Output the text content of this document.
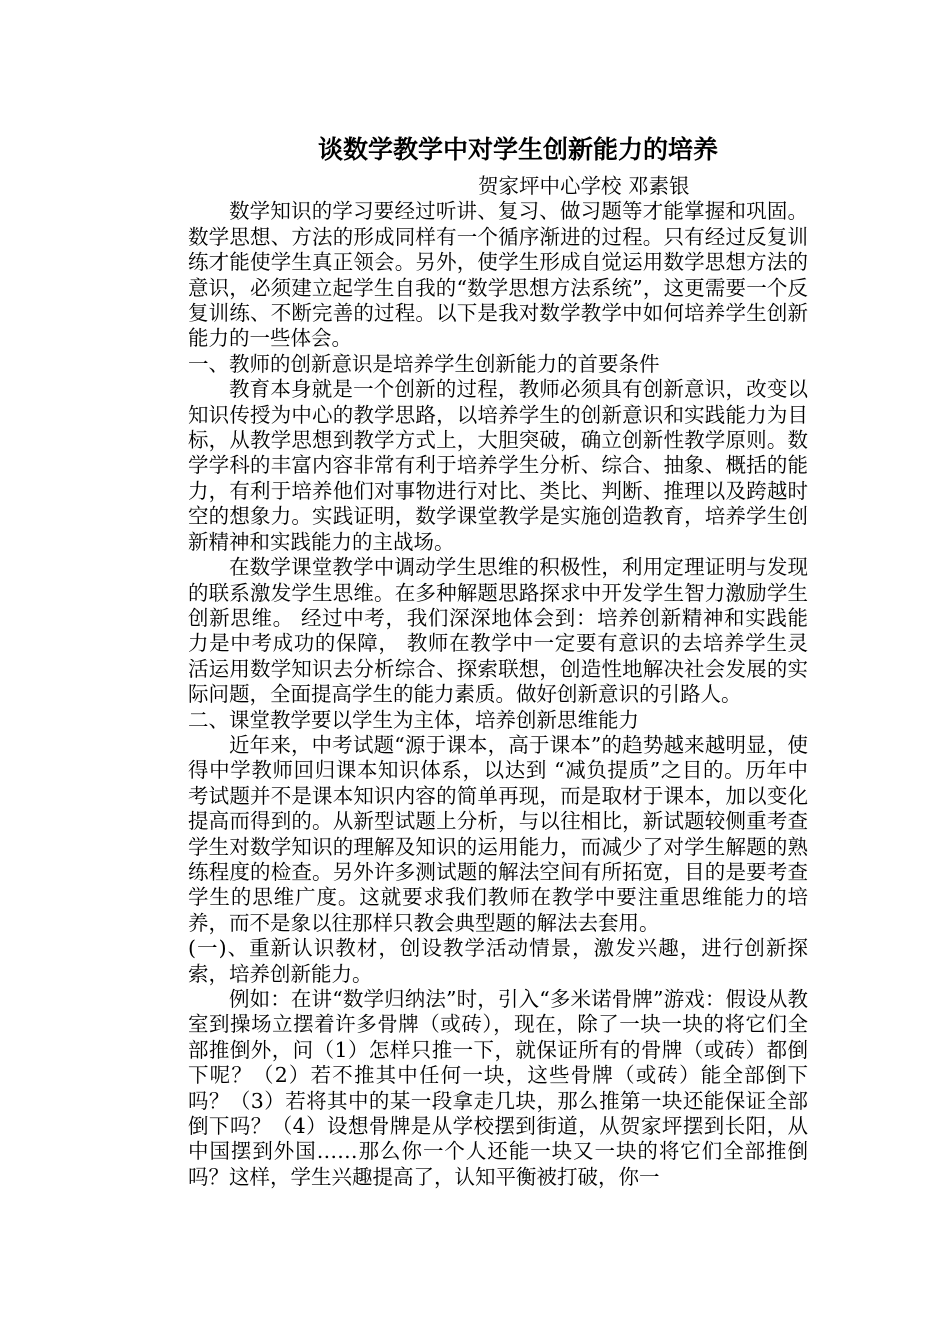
谈数学教学中对学生创新能力的培养

贺家坪中心学校 邓素银

数学知识的学习要经过听讲、复习、做习题等才能掌握和巩固。数学思想、方法的形成同样有一个循序渐进的过程。只有经过反复训练才能使学生真正领会。另外，使学生形成自觉运用数学思想方法的意识，必须建立起学生自我的“数学思想方法系统”，这更需要一个反复训练、不断完善的过程。以下是我对数学教学中如何培养学生创新能力的一些体会。

一、教师的创新意识是培养学生创新能力的首要条件

教育本身就是一个创新的过程，教师必须具有创新意识，改变以知识传授为中心的教学思路，以培养学生的创新意识和实践能力为目标，从教学思想到教学方式上，大胆突破，确立创新性教学原则。数学学科的丰富内容非常有利于培养学生分析、综合、抽象、概括的能力，有利于培养他们对事物进行对比、类比、判断、推理以及跨越时空的想象力。实践证明，数学课堂教学是实施创造教育，培养学生创新精神和实践能力的主战场。

在数学课堂教学中调动学生思维的积极性，利用定理证明与发现的联系激发学生思维。在多种解题思路探求中开发学生智力激励学生创新思维。 经过中考，我们深深地体会到：培养创新精神和实践能力是中考成功的保障， 教师在教学中一定要有意识的去培养学生灵活运用数学知识去分析综合、探索联想，创造性地解决社会发展的实际问题，全面提高学生的能力素质。做好创新意识的引路人。

二、课堂教学要以学生为主体，培养创新思维能力

近年来，中考试题“源于课本，高于课本”的趋势越来越明显，使得中学教师回归课本知识体系，以达到 “减负提质”之目的。历年中考试题并不是课本知识内容的简单再现，而是取材于课本，加以变化提高而得到的。从新型试题上分析，与以往相比，新试题较侧重考查学生对数学知识的理解及知识的运用能力，而减少了对学生解题的熟练程度的检查。另外许多测试题的解法空间有所拓宽，目的是要考查学生的思维广度。这就要求我们教师在教学中要注重思维能力的培养，而不是象以往那样只教会典型题的解法去套用。

(一)、重新认识教材，创设教学活动情景，激发兴趣，进行创新探索，培养创新能力。

例如：在讲“数学归纳法”时，引入“多米诺骨牌”游戏：假设从教室到操场立摆着许多骨牌（或砖），现在，除了一块一块的将它们全部推倒外，问（1）怎样只推一下，就保证所有的骨牌（或砖）都倒下呢？（2）若不推其中任何一块，这些骨牌（或砖）能全部倒下吗？（3）若将其中的某一段拿走几块，那么推第一块还能保证全部倒下吗？（4）设想骨牌是从学校摆到街道，从贺家坪摆到长阳，从中国摆到外国……那么你一个人还能一块又一块的将它们全部推倒吗？这样，学生兴趣提高了，认知平衡被打破，你一
